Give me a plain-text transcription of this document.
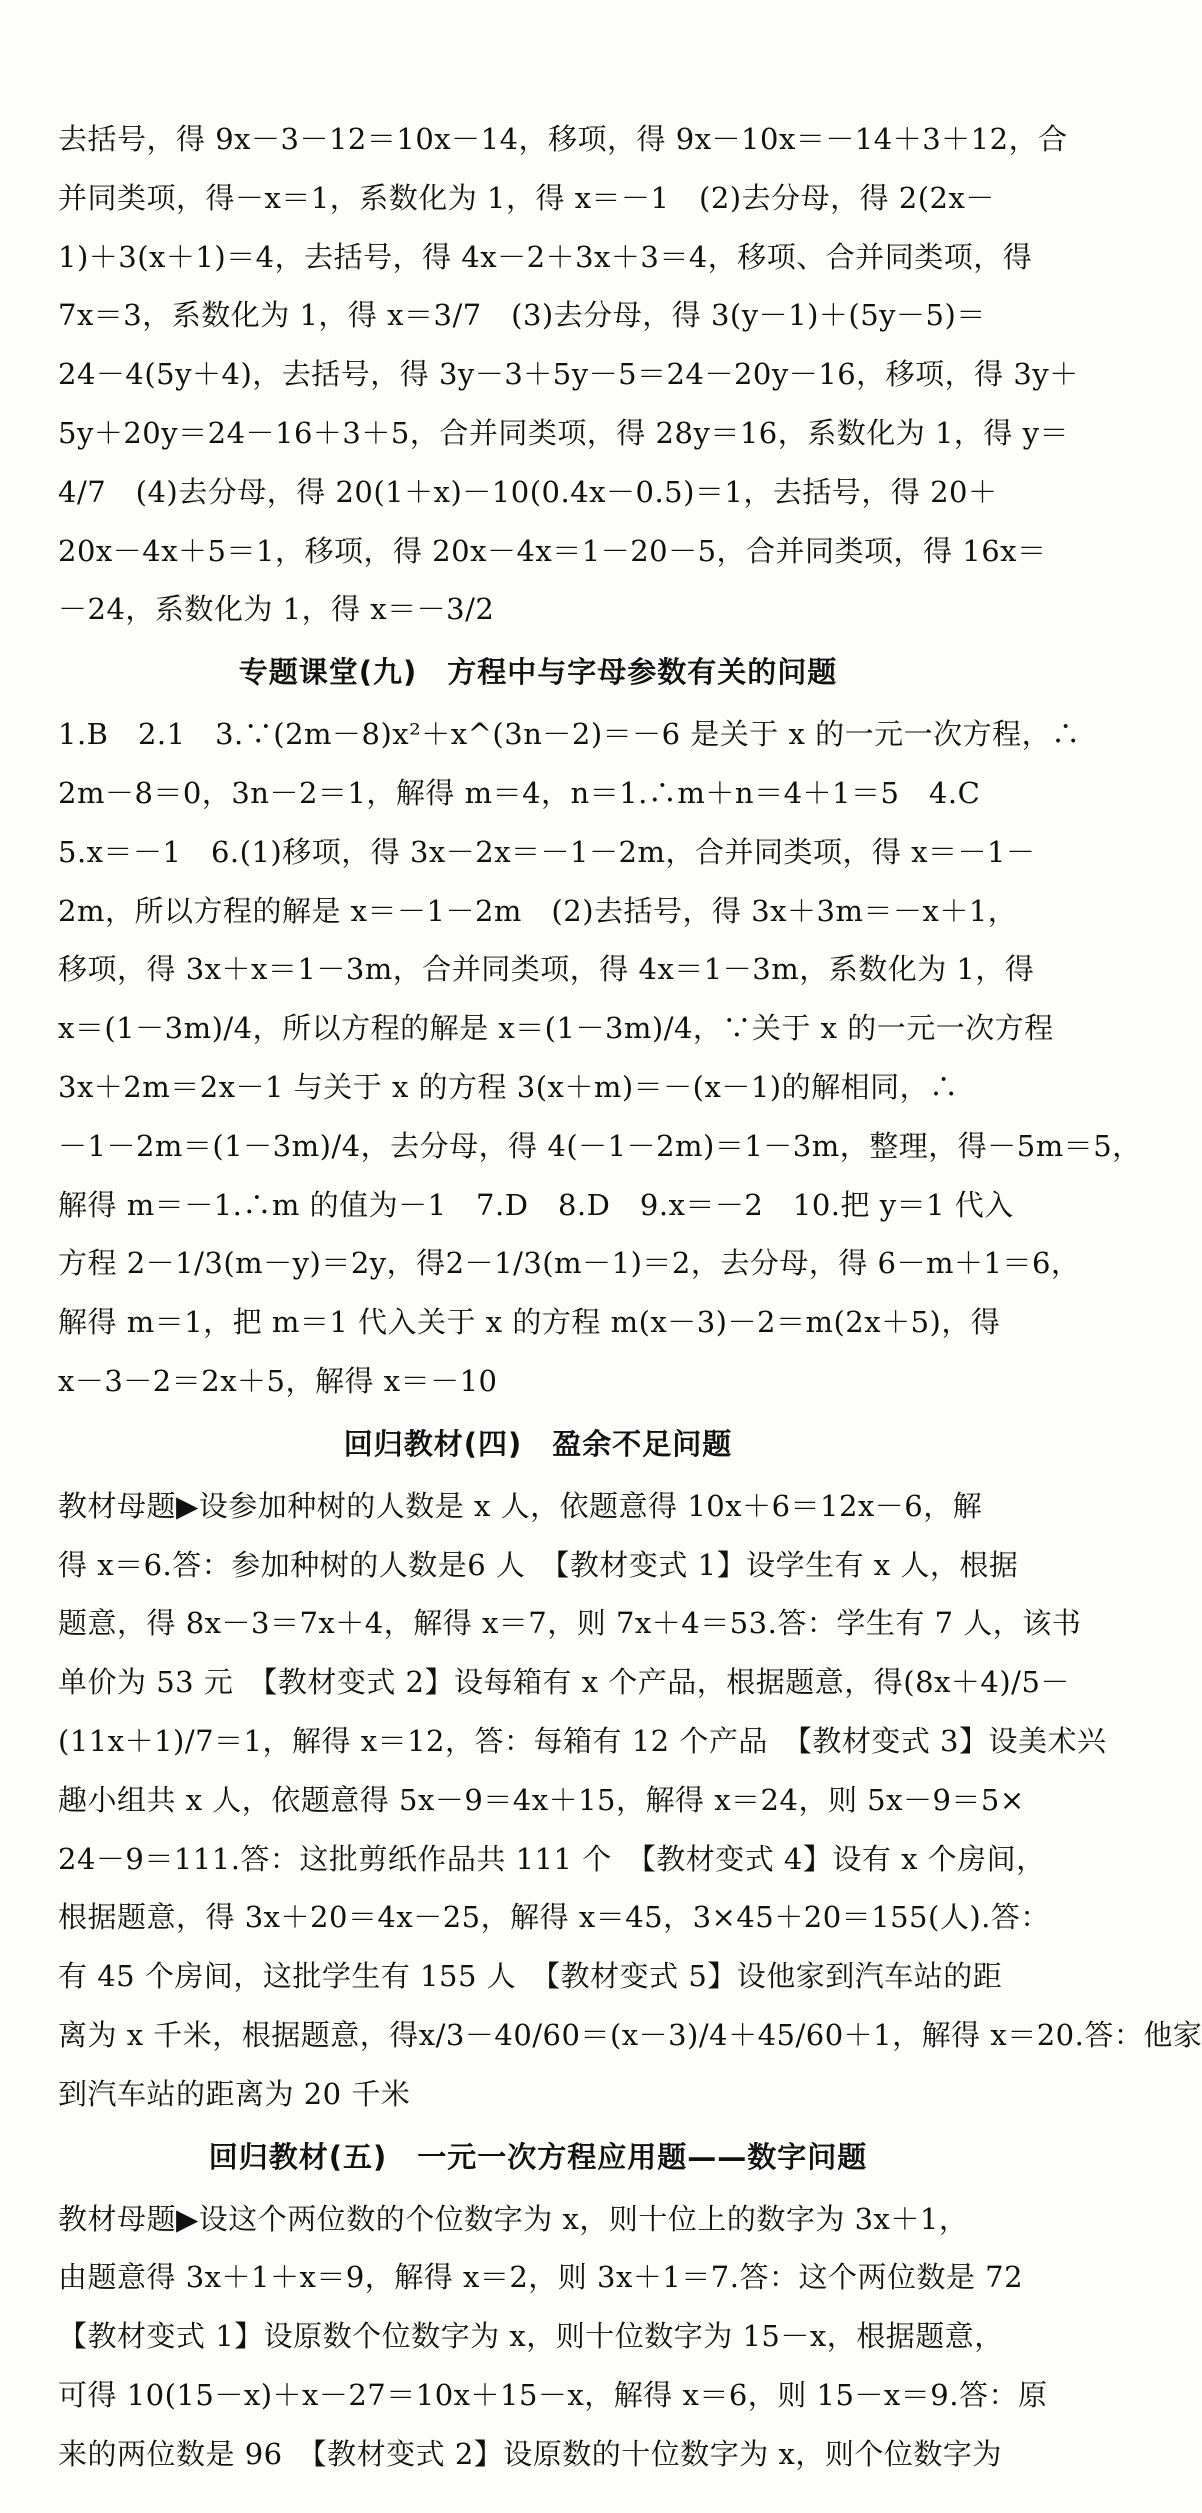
去括号，得 9x－3－12＝10x－14，移项，得 9x－10x＝－14＋3＋12，合
并同类项，得－x＝1，系数化为 1，得 x＝－1　(2)去分母，得 2(2x－
1)＋3(x＋1)＝4，去括号，得 4x－2＋3x＋3＝4，移项、合并同类项，得
7x＝3，系数化为 1，得 x＝3/7　(3)去分母，得 3(y－1)＋(5y－5)＝
24－4(5y＋4)，去括号，得 3y－3＋5y－5＝24－20y－16，移项，得 3y＋
5y＋20y＝24－16＋3＋5，合并同类项，得 28y＝16，系数化为 1，得 y＝
4/7　(4)去分母，得 20(1＋x)－10(0.4x－0.5)＝1，去括号，得 20＋
20x－4x＋5＝1，移项，得 20x－4x＝1－20－5，合并同类项，得 16x＝
－24，系数化为 1，得 x＝－3/2
专题课堂(九)　方程中与字母参数有关的问题
1.B　2.1　3.∵(2m－8)x²＋x^(3n－2)＝－6 是关于 x 的一元一次方程，∴
2m－8＝0，3n－2＝1，解得 m＝4，n＝1.∴m＋n＝4＋1＝5　4.C
5.x＝－1　6.(1)移项，得 3x－2x＝－1－2m，合并同类项，得 x＝－1－
2m，所以方程的解是 x＝－1－2m　(2)去括号，得 3x＋3m＝－x＋1，
移项，得 3x＋x＝1－3m，合并同类项，得 4x＝1－3m，系数化为 1，得
x＝(1－3m)/4，所以方程的解是 x＝(1－3m)/4，∵关于 x 的一元一次方程
3x＋2m＝2x－1 与关于 x 的方程 3(x＋m)＝－(x－1)的解相同，∴
－1－2m＝(1－3m)/4，去分母，得 4(－1－2m)＝1－3m，整理，得－5m＝5，
解得 m＝－1.∴m 的值为－1　7.D　8.D　9.x＝－2　10.把 y＝1 代入
方程 2－1/3(m－y)＝2y，得2－1/3(m－1)＝2，去分母，得 6－m＋1＝6，
解得 m＝1，把 m＝1 代入关于 x 的方程 m(x－3)－2＝m(2x＋5)，得
x－3－2＝2x＋5，解得 x＝－10
回归教材(四)　盈余不足问题
教材母题▶设参加种树的人数是 x 人，依题意得 10x＋6＝12x－6，解
得 x＝6.答：参加种树的人数是6 人　【教材变式 1】设学生有 x 人，根据
题意，得 8x－3＝7x＋4，解得 x＝7，则 7x＋4＝53.答：学生有 7 人，该书
单价为 53 元　【教材变式 2】设每箱有 x 个产品，根据题意，得(8x＋4)/5－
(11x＋1)/7＝1，解得 x＝12，答：每箱有 12 个产品　【教材变式 3】设美术兴
趣小组共 x 人，依题意得 5x－9＝4x＋15，解得 x＝24，则 5x－9＝5×
24－9＝111.答：这批剪纸作品共 111 个　【教材变式 4】设有 x 个房间，
根据题意，得 3x＋20＝4x－25，解得 x＝45，3×45＋20＝155(人).答：
有 45 个房间，这批学生有 155 人　【教材变式 5】设他家到汽车站的距
离为 x 千米，根据题意，得x/3－40/60＝(x－3)/4＋45/60＋1，解得 x＝20.答：他家
到汽车站的距离为 20 千米
回归教材(五)　一元一次方程应用题——数字问题
教材母题▶设这个两位数的个位数字为 x，则十位上的数字为 3x＋1，
由题意得 3x＋1＋x＝9，解得 x＝2，则 3x＋1＝7.答：这个两位数是 72
【教材变式 1】设原数个位数字为 x，则十位数字为 15－x，根据题意，
可得 10(15－x)＋x－27＝10x＋15－x，解得 x＝6，则 15－x＝9.答：原
来的两位数是 96　【教材变式 2】设原数的十位数字为 x，则个位数字为
